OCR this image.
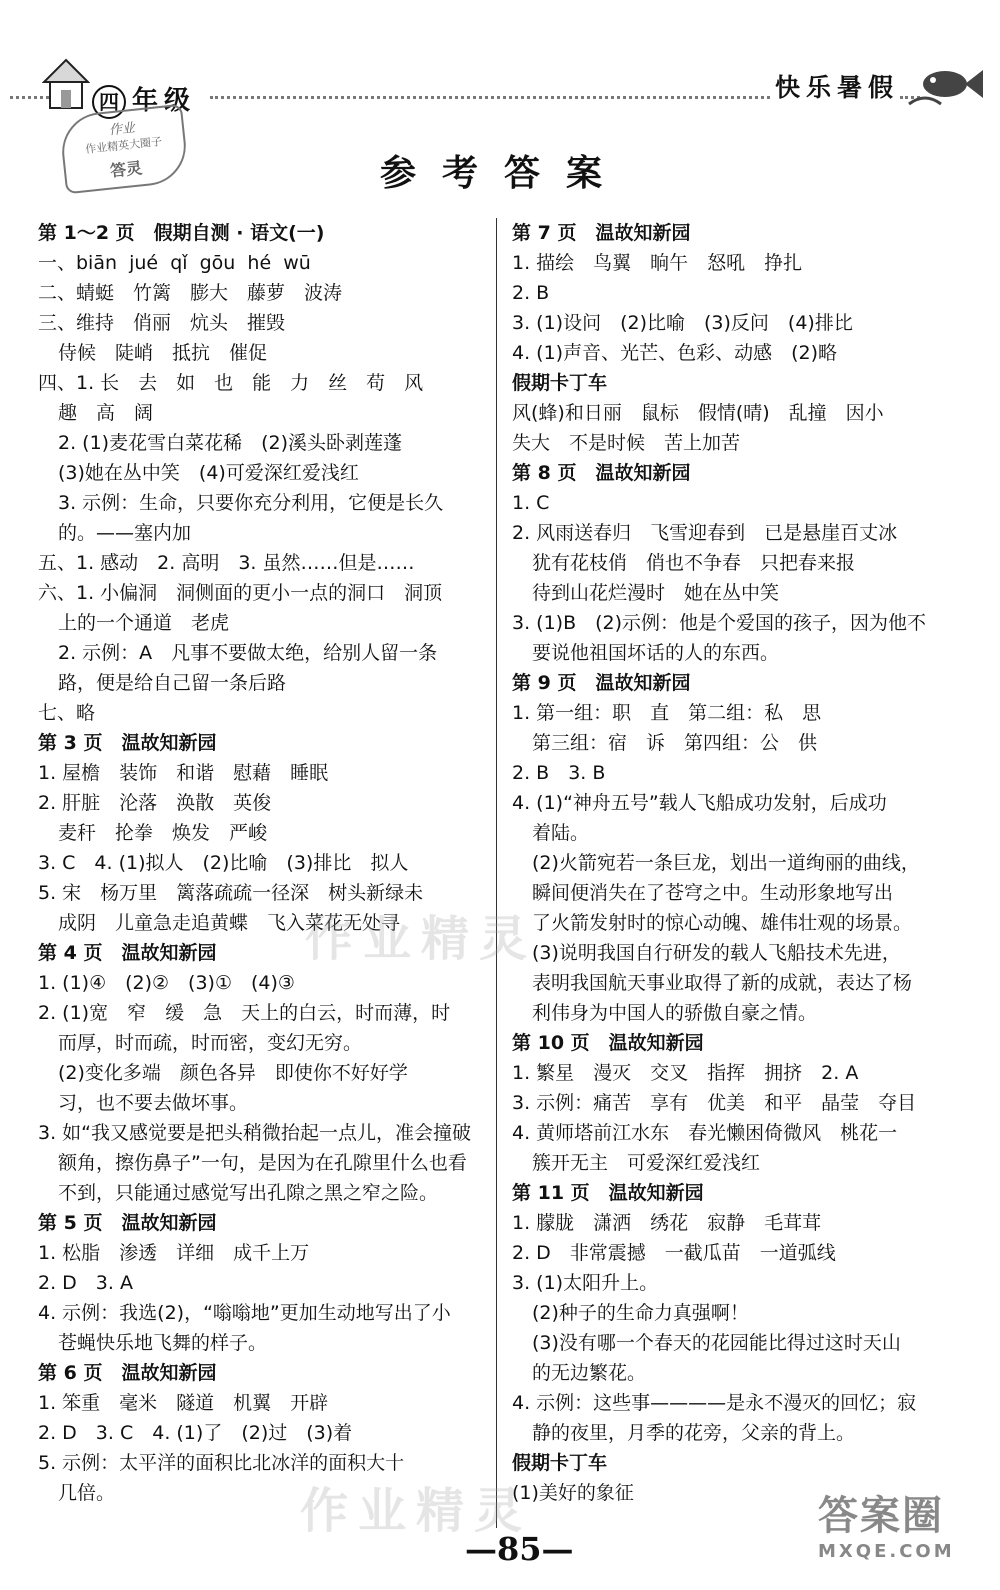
四 年级
作业
作业精英大圈子
答灵
快乐暑假
参考答案
第 1～2 页　假期自测 · 语文(一)
一、biān  jué  qǐ  gōu  hé  wū
二、蜻蜓　竹篱　膨大　藤萝　波涛
三、维持　俏丽　炕头　摧毁
侍候　陡峭　抵抗　催促
四、1. 长　去　如　也　能　力　丝　苟　风
趣　高　阔
2. (1)麦花雪白菜花稀　(2)溪头卧剥莲蓬
(3)她在丛中笑　(4)可爱深红爱浅红
3. 示例：生命，只要你充分利用，它便是长久
的。——塞内加
五、1. 感动　2. 高明　3. 虽然……但是……
六、1. 小偏洞　洞侧面的更小一点的洞口　洞顶
上的一个通道　老虎
2. 示例：A　凡事不要做太绝，给别人留一条
路，便是给自己留一条后路
七、略
第 3 页　温故知新园
1. 屋檐　装饰　和谐　慰藉　睡眠
2. 肝脏　沦落　涣散　英俊
麦秆　抡拳　焕发　严峻
3. C　4. (1)拟人　(2)比喻　(3)排比　拟人
5. 宋　杨万里　篱落疏疏一径深　树头新绿未
成阴　儿童急走追黄蝶　飞入菜花无处寻
第 4 页　温故知新园
1. (1)④　(2)②　(3)①　(4)③
2. (1)宽　窄　缓　急　天上的白云，时而薄，时
而厚，时而疏，时而密，变幻无穷。
(2)变化多端　颜色各异　即使你不好好学
习，也不要去做坏事。
3. 如“我又感觉要是把头稍微抬起一点儿，准会撞破
额角，擦伤鼻子”一句，是因为在孔隙里什么也看
不到，只能通过感觉写出孔隙之黑之窄之险。
第 5 页　温故知新园
1. 松脂　渗透　详细　成千上万
2. D　3. A
4. 示例：我选(2)，“嗡嗡地”更加生动地写出了小
苍蝇快乐地飞舞的样子。
第 6 页　温故知新园
1. 笨重　毫米　隧道　机翼　开辟
2. D　3. C　4. (1)了　(2)过　(3)着
5. 示例：太平洋的面积比北冰洋的面积大十
几倍。
第 7 页　温故知新园
1. 描绘　鸟翼　晌午　怒吼　挣扎
2. B
3. (1)设问　(2)比喻　(3)反问　(4)排比
4. (1)声音、光芒、色彩、动感　(2)略
假期卡丁车
风(蜂)和日丽　鼠标　假情(晴)　乱撞　因小
失大　不是时候　苦上加苦
第 8 页　温故知新园
1. C
2. 风雨送春归　飞雪迎春到　已是悬崖百丈冰
犹有花枝俏　俏也不争春　只把春来报
待到山花烂漫时　她在丛中笑
3. (1)B　(2)示例：他是个爱国的孩子，因为他不
要说他祖国坏话的人的东西。
第 9 页　温故知新园
1. 第一组：职　直　第二组：私　思
第三组：宿　诉　第四组：公　供
2. B　3. B
4. (1)“神舟五号”载人飞船成功发射，后成功
着陆。
(2)火箭宛若一条巨龙，划出一道绚丽的曲线，
瞬间便消失在了苍穹之中。生动形象地写出
了火箭发射时的惊心动魄、雄伟壮观的场景。
(3)说明我国自行研发的载人飞船技术先进，
表明我国航天事业取得了新的成就，表达了杨
利伟身为中国人的骄傲自豪之情。
第 10 页　温故知新园
1. 繁星　漫灭　交叉　指挥　拥挤　2. A
3. 示例：痛苦　享有　优美　和平　晶莹　夺目
4. 黄师塔前江水东　春光懒困倚微风　桃花一
簇开无主　可爱深红爱浅红
第 11 页　温故知新园
1. 朦胧　潇洒　绣花　寂静　毛茸茸
2. D　非常震撼　一截瓜苗　一道弧线
3. (1)太阳升上。
(2)种子的生命力真强啊！
(3)没有哪一个春天的花园能比得过这时天山
的无边繁花。
4. 示例：这些事————是永不漫灭的回忆；寂
静的夜里，月季的花旁，父亲的背上。
假期卡丁车
(1)美好的象征
作业精灵
作业精灵
—85—
答案圈
MXQE.COM
